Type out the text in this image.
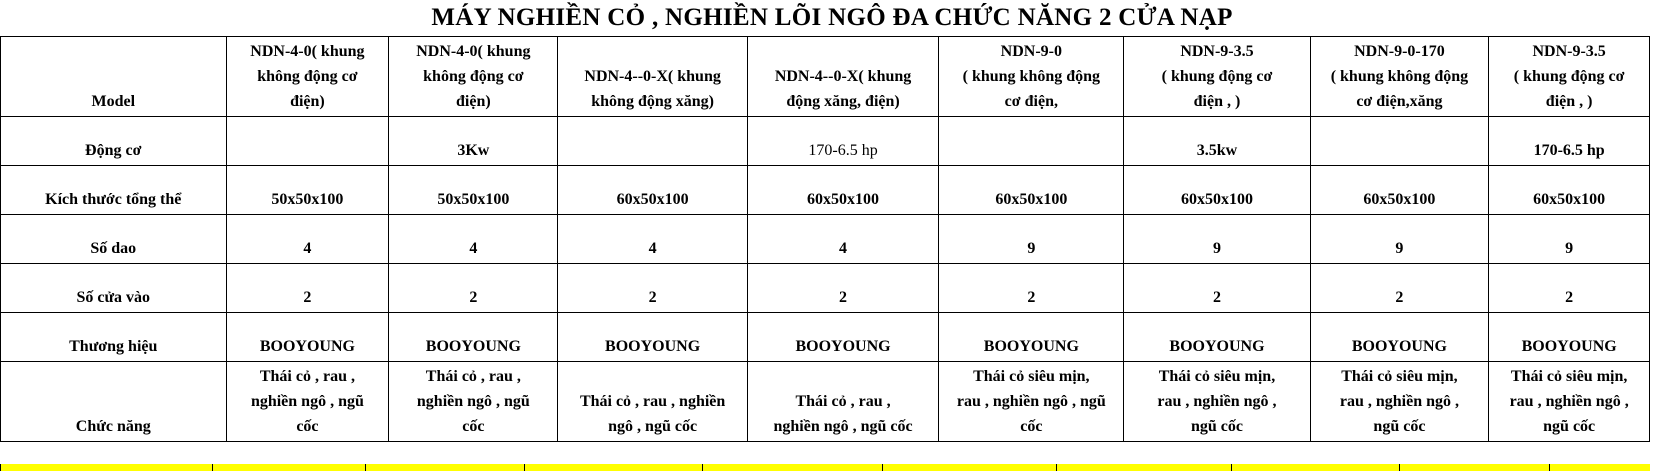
MÁY NGHIỀN CỎ , NGHIỀN LÕI NGÔ ĐA CHỨC NĂNG 2 CỬA NẠP
Model	NDN-4-0( khung
không động cơ
điện)	NDN-4-0( khung
không động cơ
điện)	NDN-4--0-X( khung
không động xăng)	NDN-4--0-X( khung
động xăng, điện)	NDN-9-0
( khung không động
cơ điện,	NDN-9-3.5
( khung động cơ
điện , )	NDN-9-0-170
( khung không động
cơ điện,xăng	NDN-9-3.5
( khung động cơ
điện , )
Động cơ		3Kw		170-6.5 hp		3.5kw		170-6.5 hp
Kích thước tổng thể	50x50x100	50x50x100	60x50x100	60x50x100	60x50x100	60x50x100	60x50x100	60x50x100
Số dao	4	4	4	4	9	9	9	9
Số cửa vào	2	2	2	2	2	2	2	2
Thương hiệu	BOOYOUNG	BOOYOUNG	BOOYOUNG	BOOYOUNG	BOOYOUNG	BOOYOUNG	BOOYOUNG	BOOYOUNG
Chức năng	Thái cỏ , rau ,
nghiền ngô , ngũ
cốc	Thái cỏ , rau ,
nghiền ngô , ngũ
cốc	Thái cỏ , rau , nghiền
ngô , ngũ cốc	Thái cỏ , rau ,
nghiền ngô , ngũ cốc	Thái cỏ siêu mịn,
rau , nghiền ngô , ngũ
cốc	Thái cỏ siêu mịn,
rau , nghiền ngô ,
ngũ cốc	Thái cỏ siêu mịn,
rau , nghiền ngô ,
ngũ cốc	Thái cỏ siêu mịn,
rau , nghiền ngô ,
ngũ cốc
